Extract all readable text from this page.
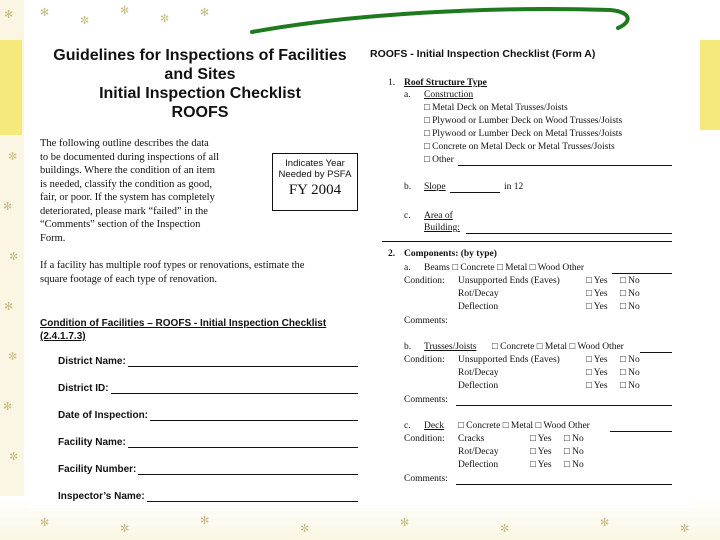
✻
✼
✻
✼
✻
✼
✻
✼
✻
✼
✻
✼	✻
✻	✼
✻
✼	✻	✼	✻	✼
Guidelines for Inspections of Facilities
and Sites
Initial Inspection Checklist
ROOFS
The following outline describes the data
to be documented during inspections of all
buildings. Where the condition of an item
is needed, classify the condition as good,
fair, or poor. If the system has completely
deteriorated, please mark “failed” in the
“Comments” section of the Inspection
Form.
Indicates Year
Needed by PSFA
FY 2004
If a facility has multiple roof types or renovations, estimate the
square footage of each type of renovation.
Condition of Facilities – ROOFS - Initial Inspection Checklist
(2.4.1.7.3)
District Name:
District ID:
Date of Inspection:
Facility Name:
Facility Number:
Inspector’s Name:
ROOFS - Initial Inspection Checklist (Form A)
1. Roof Structure Type
a. Construction
□ Metal Deck on Metal Trusses/Joists
□ Plywood or Lumber Deck on Wood Trusses/Joists
□ Plywood or Lumber Deck on Metal Trusses/Joists
□ Concrete on Metal Deck or Metal Trusses/Joists
□ Other
b. Slope	in 12
c. Area of
Building:
2. Components: (by type)
a. Beams □ Concrete □ Metal □ Wood Other
Condition: Unsupported Ends (Eaves)	□ Yes □ No
Rot/Decay	□ Yes □ No
Deflection	□ Yes □ No
Comments:
b. Trusses/Joists □ Concrete □ Metal □ Wood Other
Condition: Unsupported Ends (Eaves)	□ Yes □ No
Rot/Decay	□ Yes □ No
Deflection	□ Yes □ No
Comments:
c. Deck □ Concrete □ Metal □ Wood Other
Condition: Cracks	□ Yes □ No
Rot/Decay	□ Yes □ No
Deflection	□ Yes □ No
Comments:
